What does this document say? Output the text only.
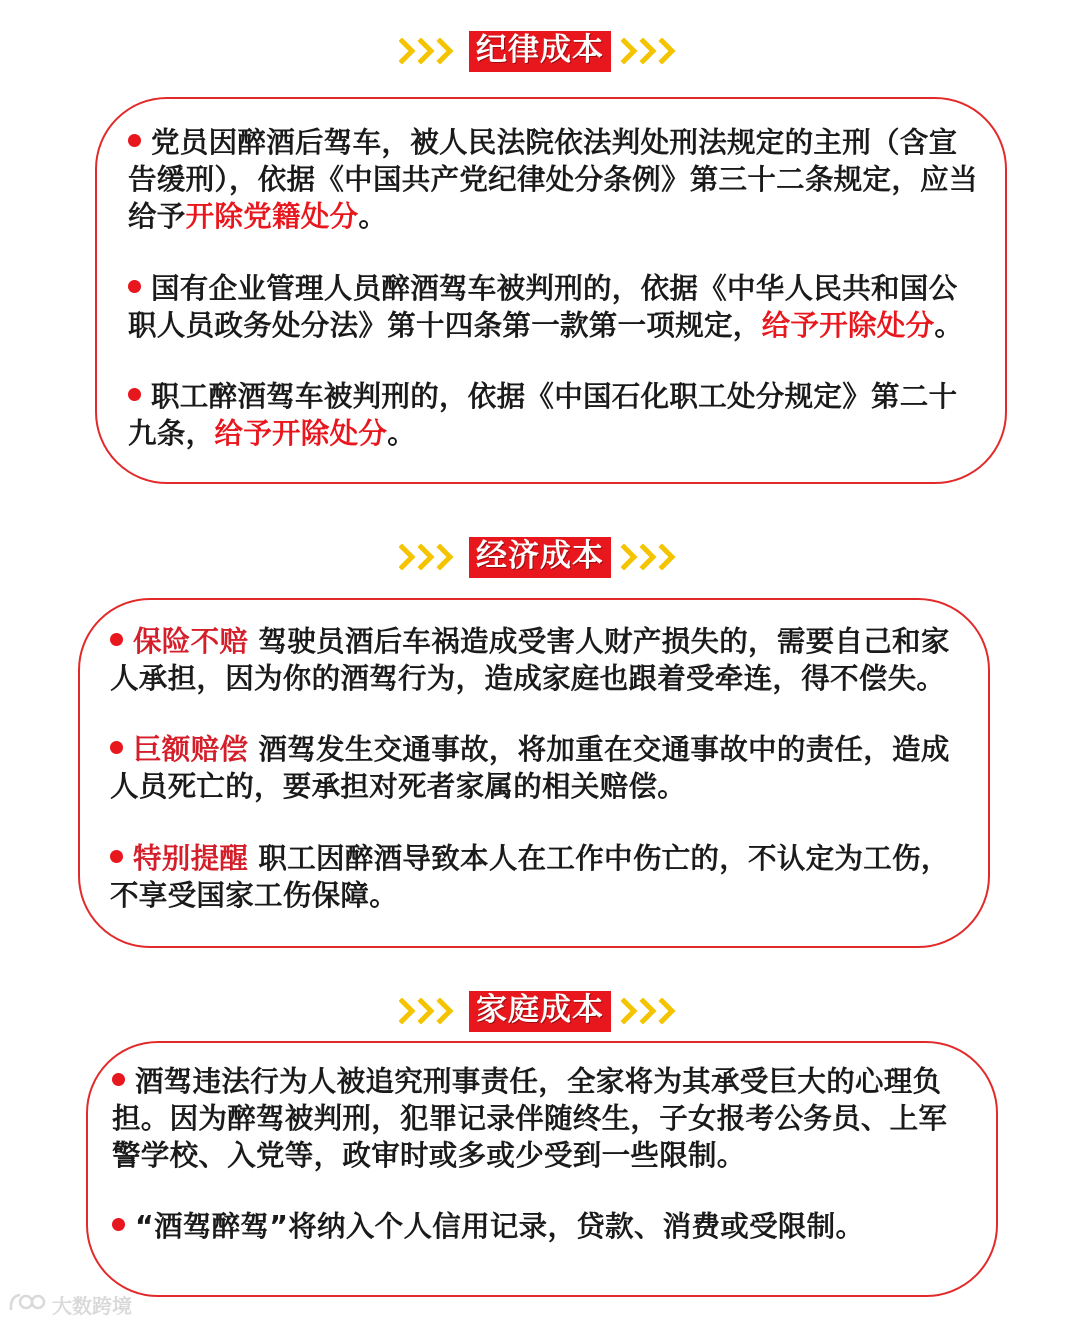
纪律成本
党员因醉酒后驾车，被人民法院依法判处刑法规定的主刑（含宣告缓刑），依据《中国共产党纪律处分条例》第三十二条规定，应当给予开除党籍处分。
国有企业管理人员醉酒驾车被判刑的，依据《中华人民共和国公职人员政务处分法》第十四条第一款第一项规定，给予开除处分。
职工醉酒驾车被判刑的，依据《中国石化职工处分规定》第二十九条，给予开除处分。
经济成本
保险不赔 驾驶员酒后车祸造成受害人财产损失的，需要自己和家人承担，因为你的酒驾行为，造成家庭也跟着受牵连，得不偿失。
巨额赔偿 酒驾发生交通事故，将加重在交通事故中的责任，造成人员死亡的，要承担对死者家属的相关赔偿。
特别提醒 职工因醉酒导致本人在工作中伤亡的，不认定为工伤，不享受国家工伤保障。
家庭成本
酒驾违法行为人被追究刑事责任，全家将为其承受巨大的心理负担。因为醉驾被判刑，犯罪记录伴随终生，子女报考公务员、上军警学校、入党等，政审时或多或少受到一些限制。
“酒驾醉驾”将纳入个人信用记录，贷款、消费或受限制。
大数跨境
